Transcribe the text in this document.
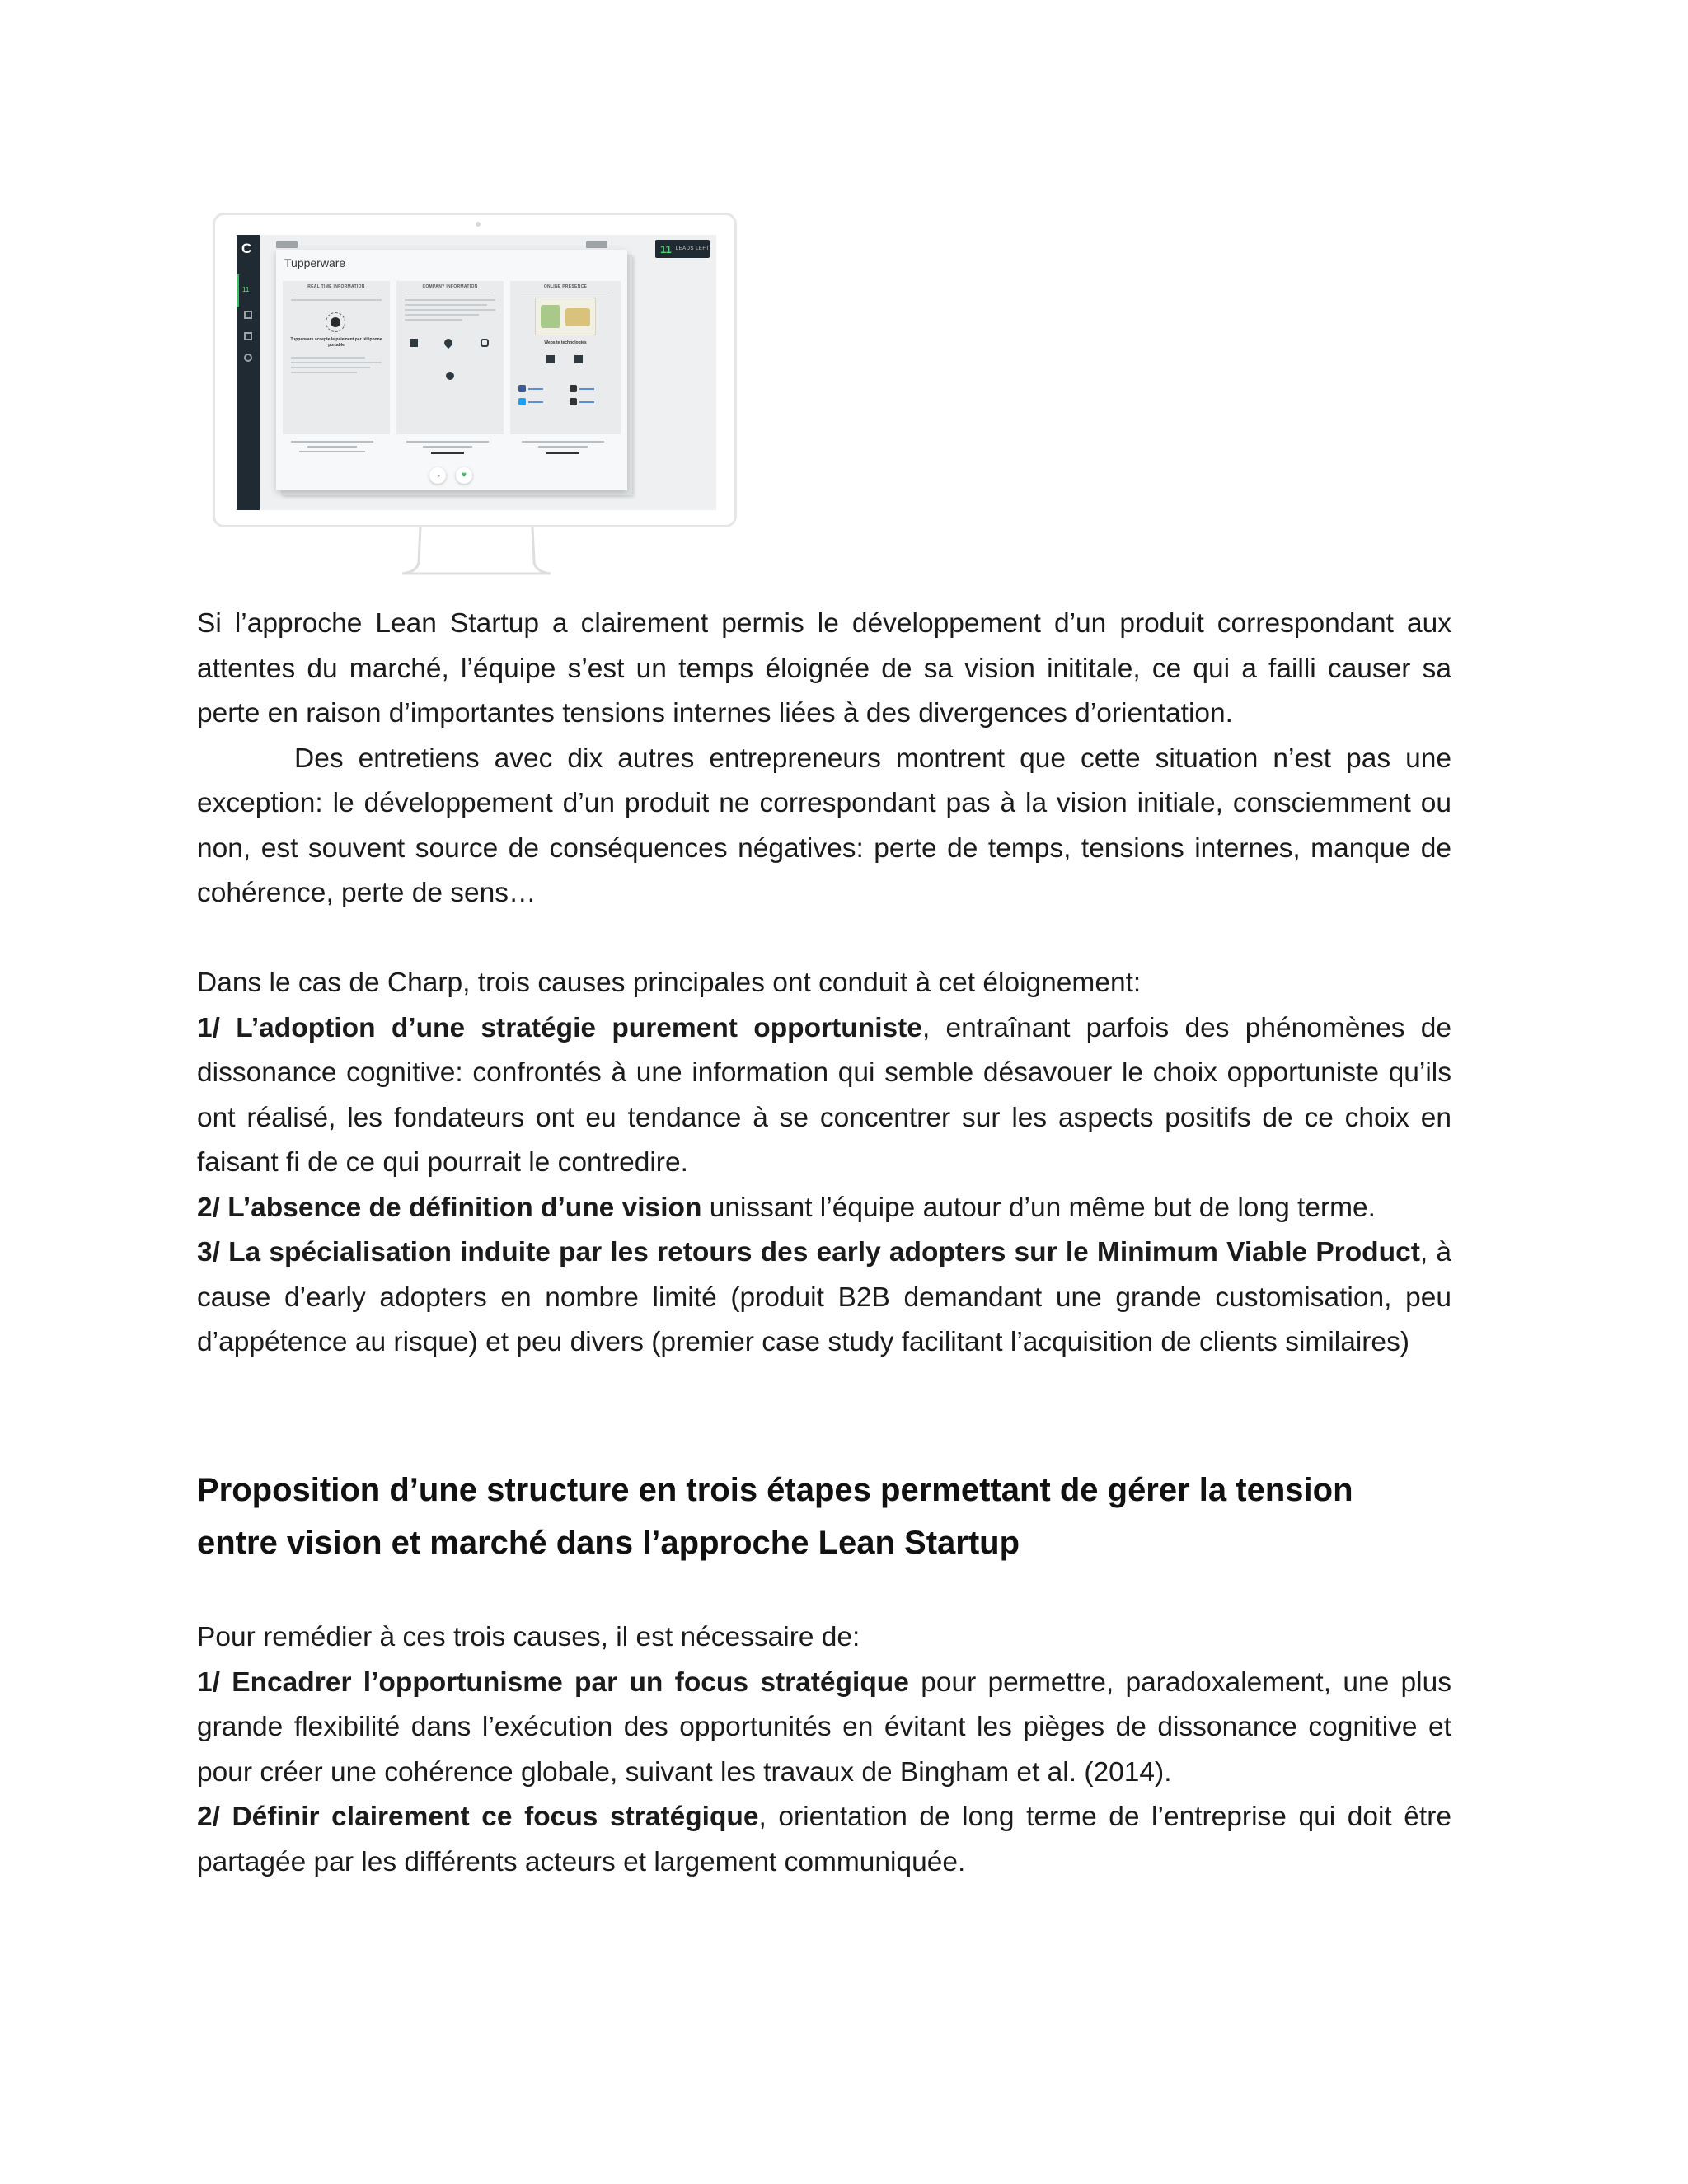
C
11
11 LEADS LEFT
Tupperware
REAL TIME INFORMATION
Tupperware accepte le paiement par téléphone portable
COMPANY INFORMATION	ONLINE PRESENCE
Website technologies
→	♥

Si l’approche Lean Startup a clairement permis le développement d’un produit correspondant aux attentes du marché, l’équipe s’est un temps éloignée de sa vision inititale, ce qui a failli causer sa perte en raison d’importantes tensions internes liées à des divergences d’orientation.

Des entretiens avec dix autres entrepreneurs montrent que cette situation n’est pas une exception: le développement d’un produit ne correspondant pas à la vision initiale, consciemment ou non, est souvent source de conséquences négatives: perte de temps, tensions internes, manque de cohérence, perte de sens…

Dans le cas de Charp, trois causes principales ont conduit à cet éloignement:

1/ L’adoption d’une stratégie purement opportuniste, entraînant parfois des phénomènes de dissonance cognitive: confrontés à une information qui semble désavouer le choix opportuniste qu’ils ont réalisé, les fondateurs ont eu tendance à se concentrer sur les aspects positifs de ce choix en faisant fi de ce qui pourrait le contredire.

2/ L’absence de définition d’une vision unissant l’équipe autour d’un même but de long terme.

3/ La spécialisation induite par les retours des early adopters sur le Minimum Viable Product, à cause d’early adopters en nombre limité (produit B2B demandant une grande customisation, peu d’appétence au risque) et peu divers (premier case study facilitant l’acquisition de clients similaires)

Proposition d’une structure en trois étapes permettant de gérer la tension entre vision et marché dans l’approche Lean Startup

Pour remédier à ces trois causes, il est nécessaire de:

1/ Encadrer l’opportunisme par un focus stratégique pour permettre, paradoxalement, une plus grande flexibilité dans l’exécution des opportunités en évitant les pièges de dissonance cognitive et pour créer une cohérence globale, suivant les travaux de Bingham et al. (2014).

2/ Définir clairement ce focus stratégique, orientation de long terme de l’entreprise qui doit être partagée par les différents acteurs et largement communiquée.
